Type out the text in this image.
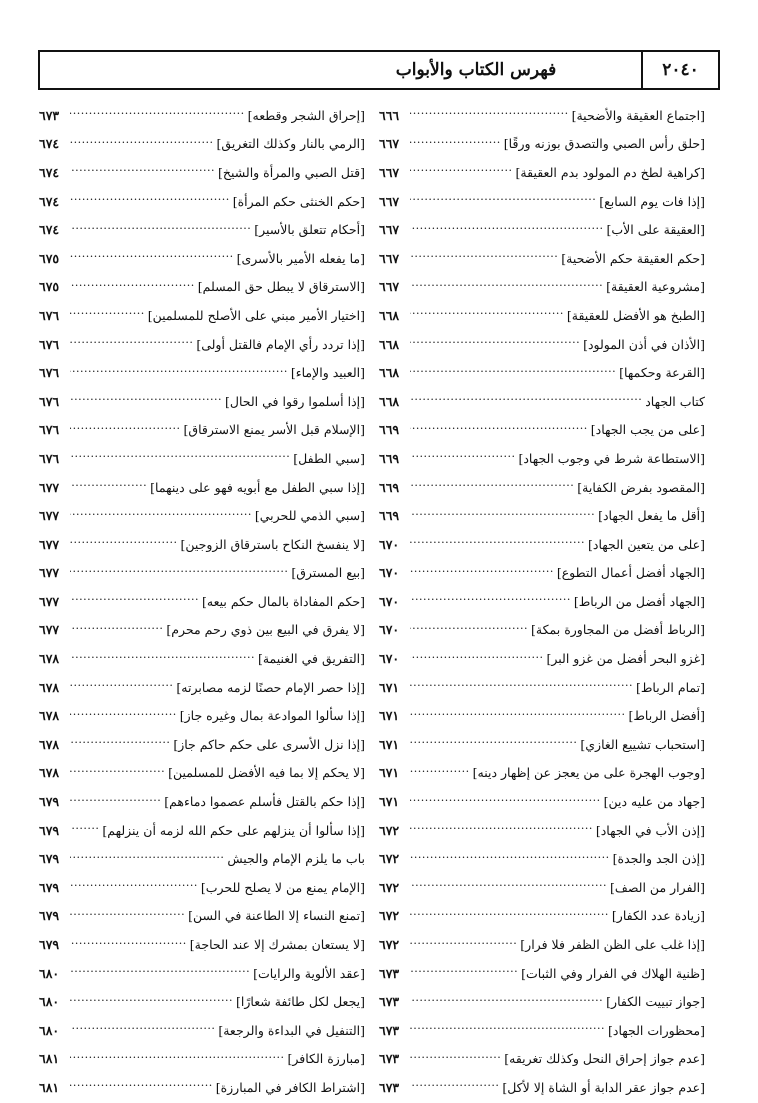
٢٠٤٠
فهرس الكتاب والأبواب
[اجتماع العقيقة والأضحية]
.....
٦٦٦
[حلق رأس الصبي والتصدق بوزنه ورقًا]
.....
٦٦٧
[كراهية لطخ دم المولود بدم العقيقة]
.....
٦٦٧
[إذا فات يوم السابع]
.....
٦٦٧
[العقيقة على الأب]
.....
٦٦٧
[حكم العقيقة حكم الأضحية]
.....
٦٦٧
[مشروعية العقيقة]
.....
٦٦٧
[الطبخ هو الأفضل للعقيقة]
.....
٦٦٨
[الأذان في أذن المولود]
.....
٦٦٨
[القرعة وحكمها]
.....
٦٦٨
كتاب الجهاد
.....
٦٦٨
[على من يجب الجهاد]
.....
٦٦٩
[الاستطاعة شرط في وجوب الجهاد]
.....
٦٦٩
[المقصود بفرض الكفاية]
.....
٦٦٩
[أقل ما يفعل الجهاد]
.....
٦٦٩
[على من يتعين الجهاد]
.....
٦٧٠
[الجهاد أفضل أعمال التطوع]
.....
٦٧٠
[الجهاد أفضل من الرباط]
.....
٦٧٠
[الرباط أفضل من المجاورة بمكة]
.....
٦٧٠
[غزو البحر أفضل من غزو البر]
.....
٦٧٠
[تمام الرباط]
.....
٦٧١
[أفضل الرباط]
.....
٦٧١
[استحباب تشييع الغازي]
.....
٦٧١
[وجوب الهجرة على من يعجز عن إظهار دينه]
.....
٦٧١
[جهاد من عليه دين]
.....
٦٧١
[إذن الأب في الجهاد]
.....
٦٧٢
[إذن الجد والجدة]
.....
٦٧٢
[الفرار من الصف]
.....
٦٧٢
[زيادة عدد الكفار]
.....
٦٧٢
[إذا غلب على الظن الظفر فلا فرار]
.....
٦٧٢
[ظنية الهلاك في الفرار وفي الثبات]
.....
٦٧٣
[جواز تبييت الكفار]
.....
٦٧٣
[محظورات الجهاد]
.....
٦٧٣
[عدم جواز إحراق النحل وكذلك تغريقه]
.....
٦٧٣
[عدم جواز عقر الدابة أو الشاة إلا لأكل]
.....
٦٧٣
[إحراق الشجر وقطعه]
.....
٦٧٣
[الرمي بالنار وكذلك التغريق]
.....
٦٧٤
[قتل الصبي والمرأة والشيخ]
.....
٦٧٤
[حكم الخنثى حكم المرأة]
.....
٦٧٤
[أحكام تتعلق بالأسير]
.....
٦٧٤
[ما يفعله الأمير بالأسرى]
.....
٦٧٥
[الاسترقاق لا يبطل حق المسلم]
.....
٦٧٥
[اختيار الأمير مبني على الأصلح للمسلمين]
.....
٦٧٦
[إذا تردد رأي الإمام فالقتل أولى]
.....
٦٧٦
[العبيد والإماء]
.....
٦٧٦
[إذا أسلموا رقوا في الحال]
.....
٦٧٦
[الإسلام قبل الأسر يمنع الاسترقاق]
.....
٦٧٦
[سبي الطفل]
.....
٦٧٦
[إذا سبي الطفل مع أبويه فهو على دينهما]
.....
٦٧٧
[سبي الذمي للحربي]
.....
٦٧٧
[لا ينفسخ النكاح باسترقاق الزوجين]
.....
٦٧٧
[بيع المسترق]
.....
٦٧٧
[حكم المفاداة بالمال حكم بيعه]
.....
٦٧٧
[لا يفرق في البيع بين ذوي رحم محرم]
.....
٦٧٧
[التفريق في الغنيمة]
.....
٦٧٨
[إذا حصر الإمام حصنًا لزمه مصابرته]
.....
٦٧٨
[إذا سألوا الموادعة بمال وغيره جاز]
.....
٦٧٨
[إذا نزل الأسرى على حكم حاكم جاز]
.....
٦٧٨
[لا يحكم إلا بما فيه الأفضل للمسلمين]
.....
٦٧٨
[إذا حكم بالقتل فأسلم عصموا دماءهم]
.....
٦٧٩
[إذا سألوا أن ينزلهم على حكم الله لزمه أن ينزلهم]
.....
٦٧٩
باب ما يلزم الإمام والجيش
.....
٦٧٩
[الإمام يمنع من لا يصلح للحرب]
.....
٦٧٩
[تمنع النساء إلا الطاعنة في السن]
.....
٦٧٩
[لا يستعان بمشرك إلا عند الحاجة]
.....
٦٧٩
[عقد الألوية والرايات]
.....
٦٨٠
[يجعل لكل طائفة شعارًا]
.....
٦٨٠
[التنفيل في البداءة والرجعة]
.....
٦٨٠
[مبارزة الكافر]
.....
٦٨١
[اشتراط الكافر في المبارزة]
.....
٦٨١
